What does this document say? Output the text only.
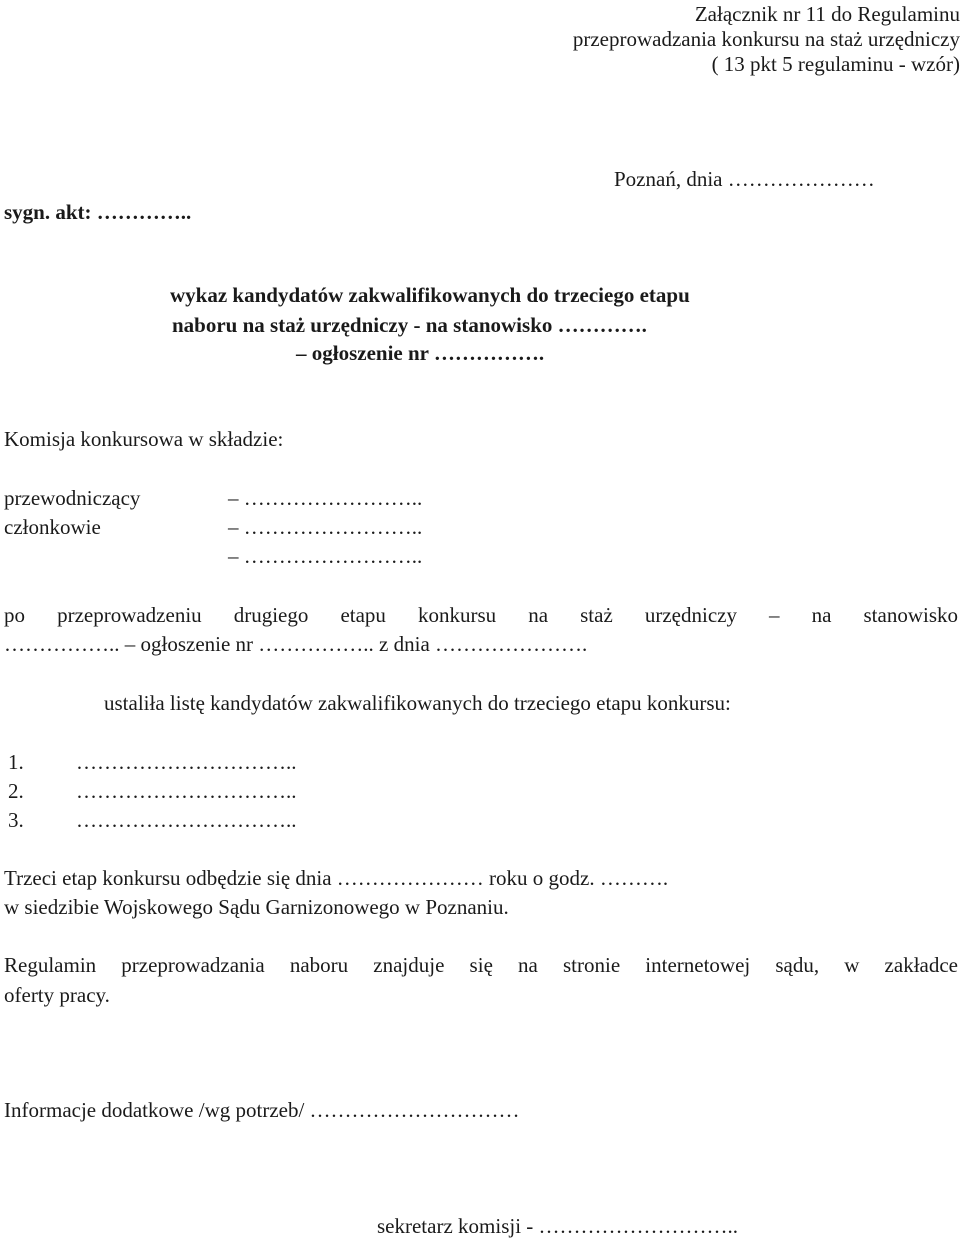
Załącznik nr 11 do Regulaminu
przeprowadzania konkursu na staż urzędniczy
( 13 pkt 5 regulaminu - wzór)
Poznań, dnia …………………
sygn. akt: …………..
wykaz kandydatów zakwalifikowanych do trzeciego etapu
naboru na staż urzędniczy - na stanowisko ………….
– ogłoszenie nr …………….
Komisja konkursowa w składzie:
przewodniczący	– ……………………..
członkowie	– ……………………..
– ……………………..
po przeprowadzeniu drugiego etapu konkursu na staż urzędniczy – na stanowisko
…………….. – ogłoszenie nr …………….. z dnia ………………….
ustaliła listę kandydatów zakwalifikowanych do trzeciego etapu konkursu:
1. …………………………..
2. …………………………..
3. …………………………..
Trzeci etap konkursu odbędzie się dnia ………………… roku o godz. ……….
w siedzibie Wojskowego Sądu Garnizonowego w Poznaniu.
Regulamin przeprowadzania naboru znajduje się na stronie internetowej sądu, w zakładce
oferty pracy.
Informacje dodatkowe /wg potrzeb/ …………………………
sekretarz komisji - ………………………..
